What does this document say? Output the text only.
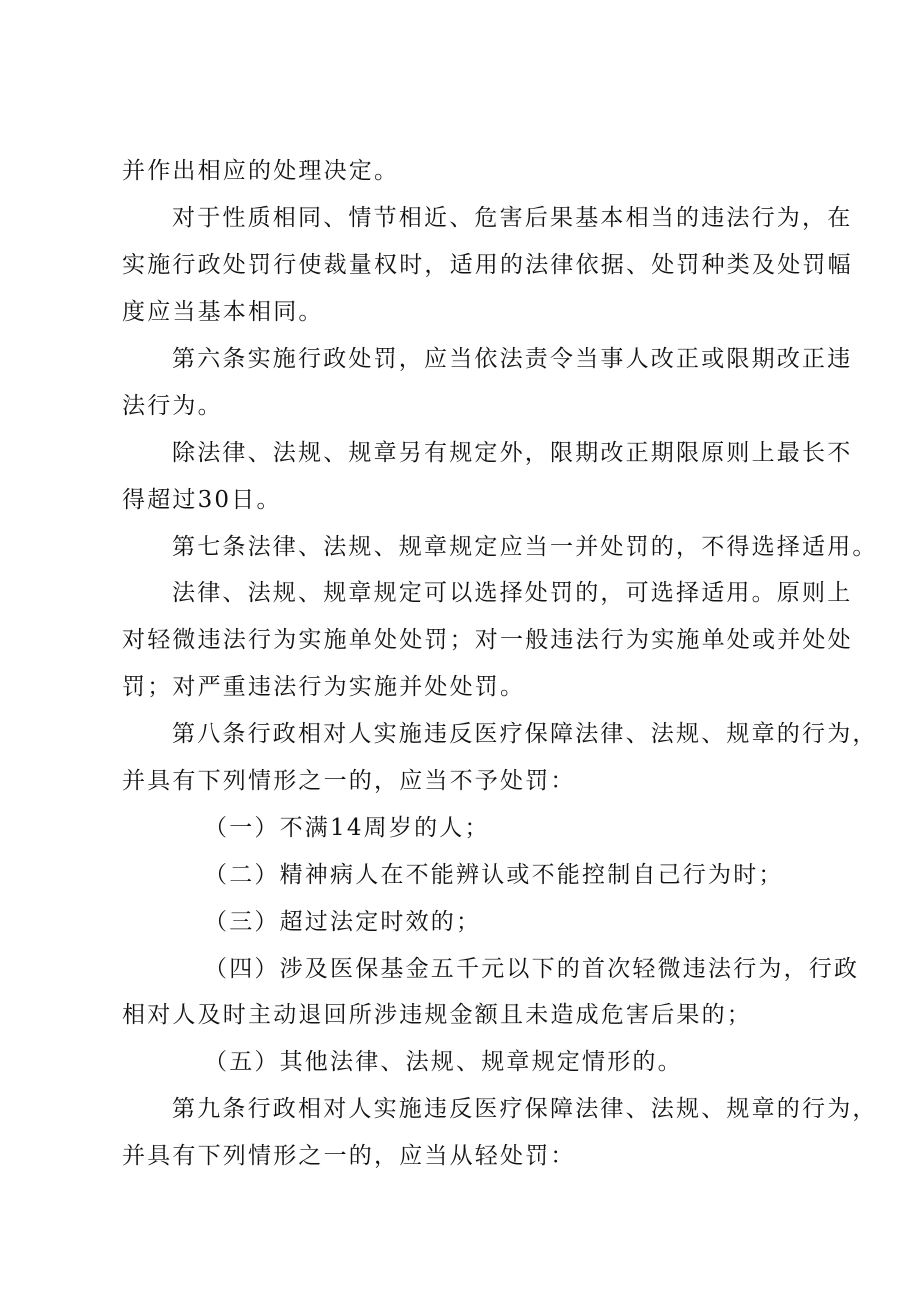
并作出相应的处理决定。
对于性质相同、情节相近、危害后果基本相当的违法行为，在
实施行政处罚行使裁量权时，适用的法律依据、处罚种类及处罚幅
度应当基本相同。
第六条实施行政处罚，应当依法责令当事人改正或限期改正违
法行为。
除法律、法规、规章另有规定外，限期改正期限原则上最长不
得超过30日。
第七条法律、法规、规章规定应当一并处罚的，不得选择适用。
法律、法规、规章规定可以选择处罚的，可选择适用。原则上
对轻微违法行为实施单处处罚；对一般违法行为实施单处或并处处
罚；对严重违法行为实施并处处罚。
第八条行政相对人实施违反医疗保障法律、法规、规章的行为，
并具有下列情形之一的，应当不予处罚：
（一）不满14周岁的人；
（二）精神病人在不能辨认或不能控制自己行为时；
（三）超过法定时效的；
（四）涉及医保基金五千元以下的首次轻微违法行为，行政
相对人及时主动退回所涉违规金额且未造成危害后果的；
（五）其他法律、法规、规章规定情形的。
第九条行政相对人实施违反医疗保障法律、法规、规章的行为，
并具有下列情形之一的，应当从轻处罚：
